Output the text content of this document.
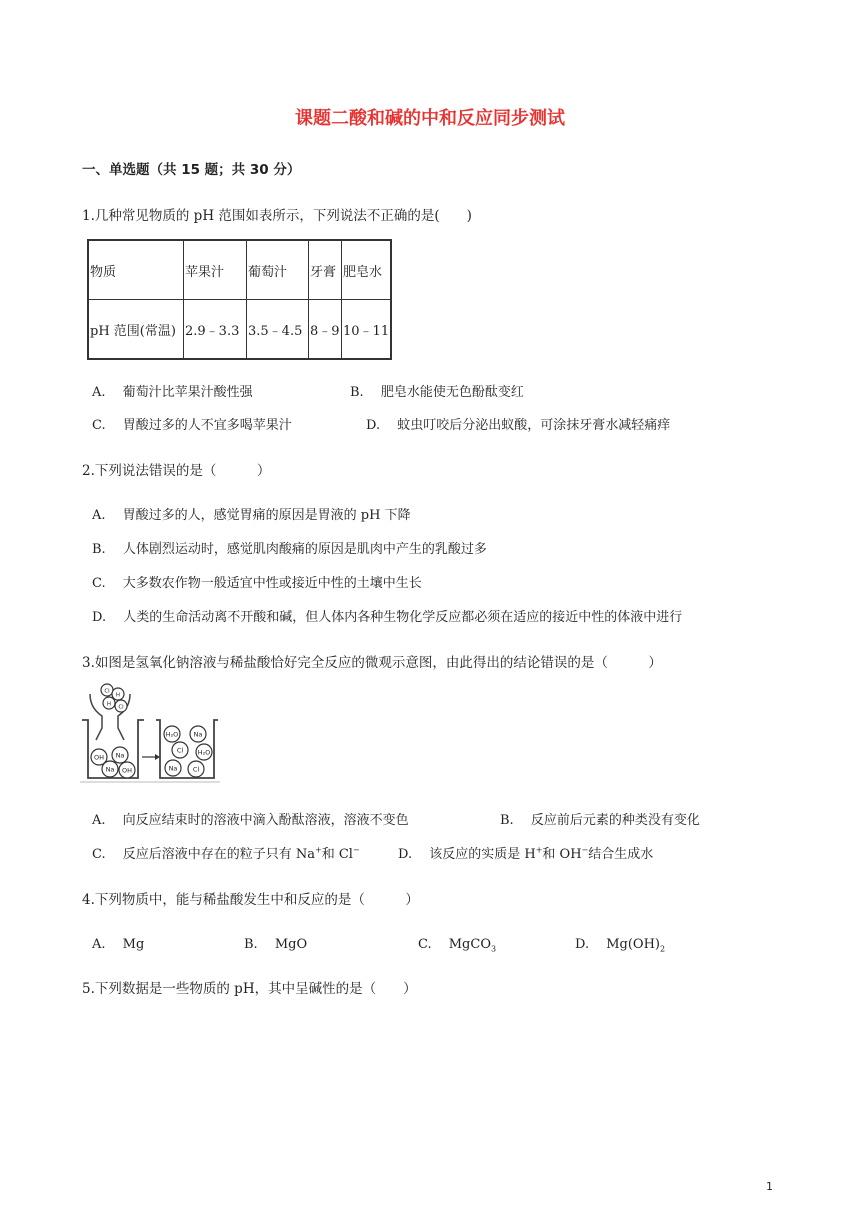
课题二酸和碱的中和反应同步测试
一、单选题（共 15 题；共 30 分）
1.几种常见物质的 pH 范围如表所示，下列说法不正确的是(　　)
物质	苹果汁	葡萄汁	牙膏	肥皂水
pH 范围(常温)	2.9﹣3.3	3.5﹣4.5	8﹣9	10﹣11
A.　 葡萄汁比苹果汁酸性强	B.　 肥皂水能使无色酚酞变红
C.　 胃酸过多的人不宜多喝苹果汁	D.　 蚊虫叮咬后分泌出蚁酸，可涂抹牙膏水减轻痛痒
2.下列说法错误的是（　　　）
A.　 胃酸过多的人，感觉胃痛的原因是胃液的 pH 下降
B.　 人体剧烈运动时，感觉肌肉酸痛的原因是肌肉中产生的乳酸过多
C.　 大多数农作物一般适宜中性或接近中性的土壤中生长
D.　 人类的生命活动离不开酸和碱，但人体内各种生物化学反应都必须在适应的接近中性的体液中进行
3.如图是氢氧化钠溶液与稀盐酸恰好完全反应的微观示意图，由此得出的结论错误的是（　　　）
Cl
H
H Cl
OH Na
Na OH
H₂O Na
Cl H₂O
Na Cl
A.　 向反应结束时的溶液中滴入酚酞溶液，溶液不变色	B.　 反应前后元素的种类没有变化
C.　 反应后溶液中存在的粒子只有 Na+和 Cl−	D.　 该反应的实质是 H+和 OH−结合生成水
4.下列物质中，能与稀盐酸发生中和反应的是（　　　）
A.　 Mg	B.　 MgO	C.　 MgCO$_3$	D.　 $Mg(OH)_2$
5.下列数据是一些物质的 pH，其中呈碱性的是（　　）
1
